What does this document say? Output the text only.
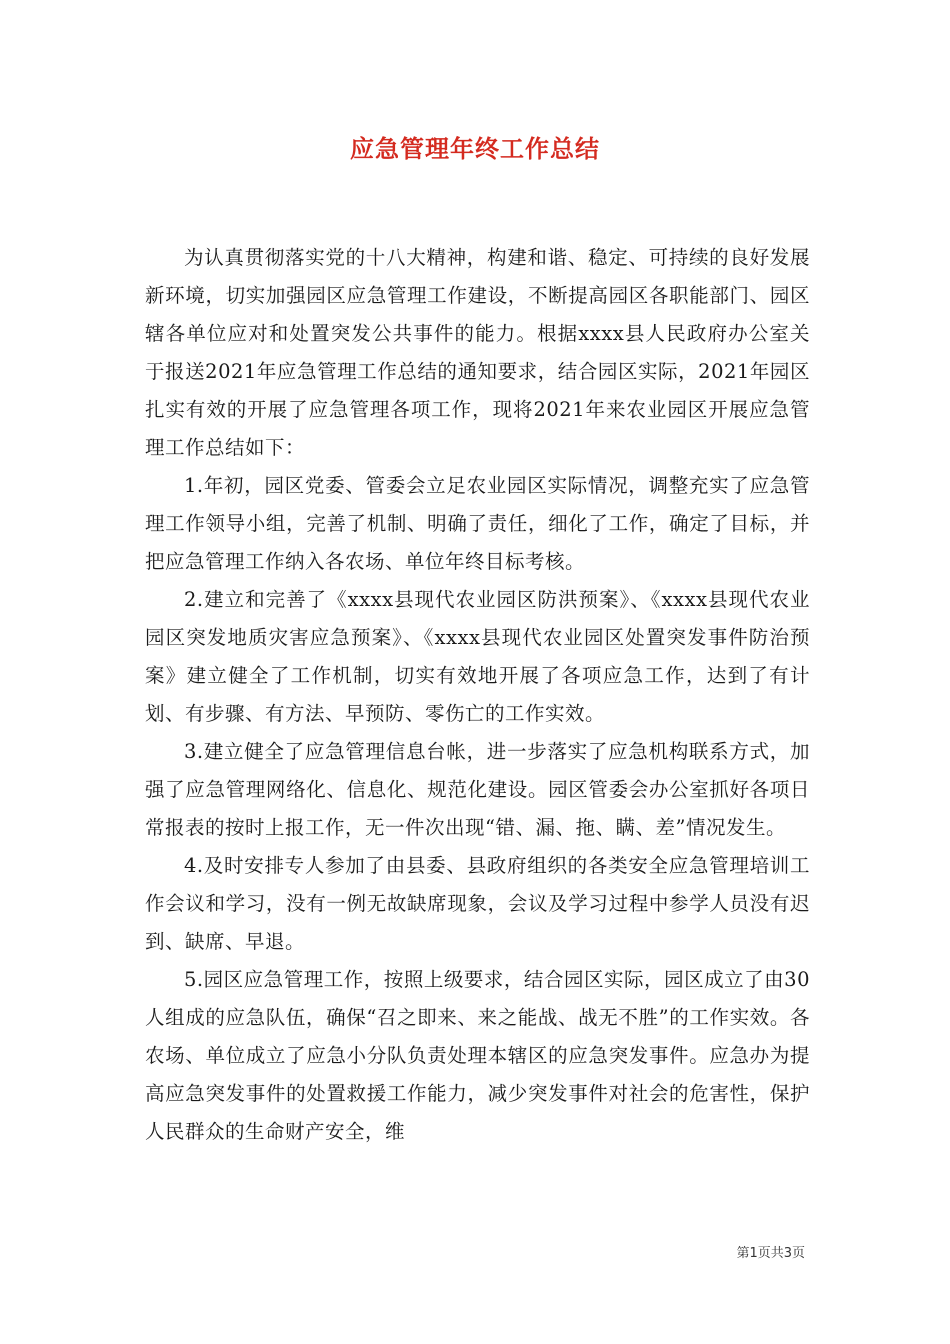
应急管理年终工作总结

为认真贯彻落实党的十八大精神，构建和谐、稳定、可持续的良好发展新环境，切实加强园区应急管理工作建设，不断提高园区各职能部门、园区辖各单位应对和处置突发公共事件的能力。根据xxxx县人民政府办公室关于报送2021年应急管理工作总结的通知要求，结合园区实际，2021年园区扎实有效的开展了应急管理各项工作，现将2021年来农业园区开展应急管理工作总结如下：

1.年初，园区党委、管委会立足农业园区实际情况，调整充实了应急管理工作领导小组，完善了机制、明确了责任，细化了工作，确定了目标，并把应急管理工作纳入各农场、单位年终目标考核。

2.建立和完善了《xxxx县现代农业园区防洪预案》、《xxxx县现代农业园区突发地质灾害应急预案》、《xxxx县现代农业园区处置突发事件防治预案》建立健全了工作机制，切实有效地开展了各项应急工作，达到了有计划、有步骤、有方法、早预防、零伤亡的工作实效。

3.建立健全了应急管理信息台帐，进一步落实了应急机构联系方式，加强了应急管理网络化、信息化、规范化建设。园区管委会办公室抓好各项日常报表的按时上报工作，无一件次出现“错、漏、拖、瞒、差”情况发生。

4.及时安排专人参加了由县委、县政府组织的各类安全应急管理培训工作会议和学习，没有一例无故缺席现象，会议及学习过程中参学人员没有迟到、缺席、早退。

5.园区应急管理工作，按照上级要求，结合园区实际，园区成立了由30人组成的应急队伍，确保“召之即来、来之能战、战无不胜”的工作实效。各农场、单位成立了应急小分队负责处理本辖区的应急突发事件。应急办为提高应急突发事件的处置救援工作能力，减少突发事件对社会的危害性，保护人民群众的生命财产安全，维

第1页共3页
